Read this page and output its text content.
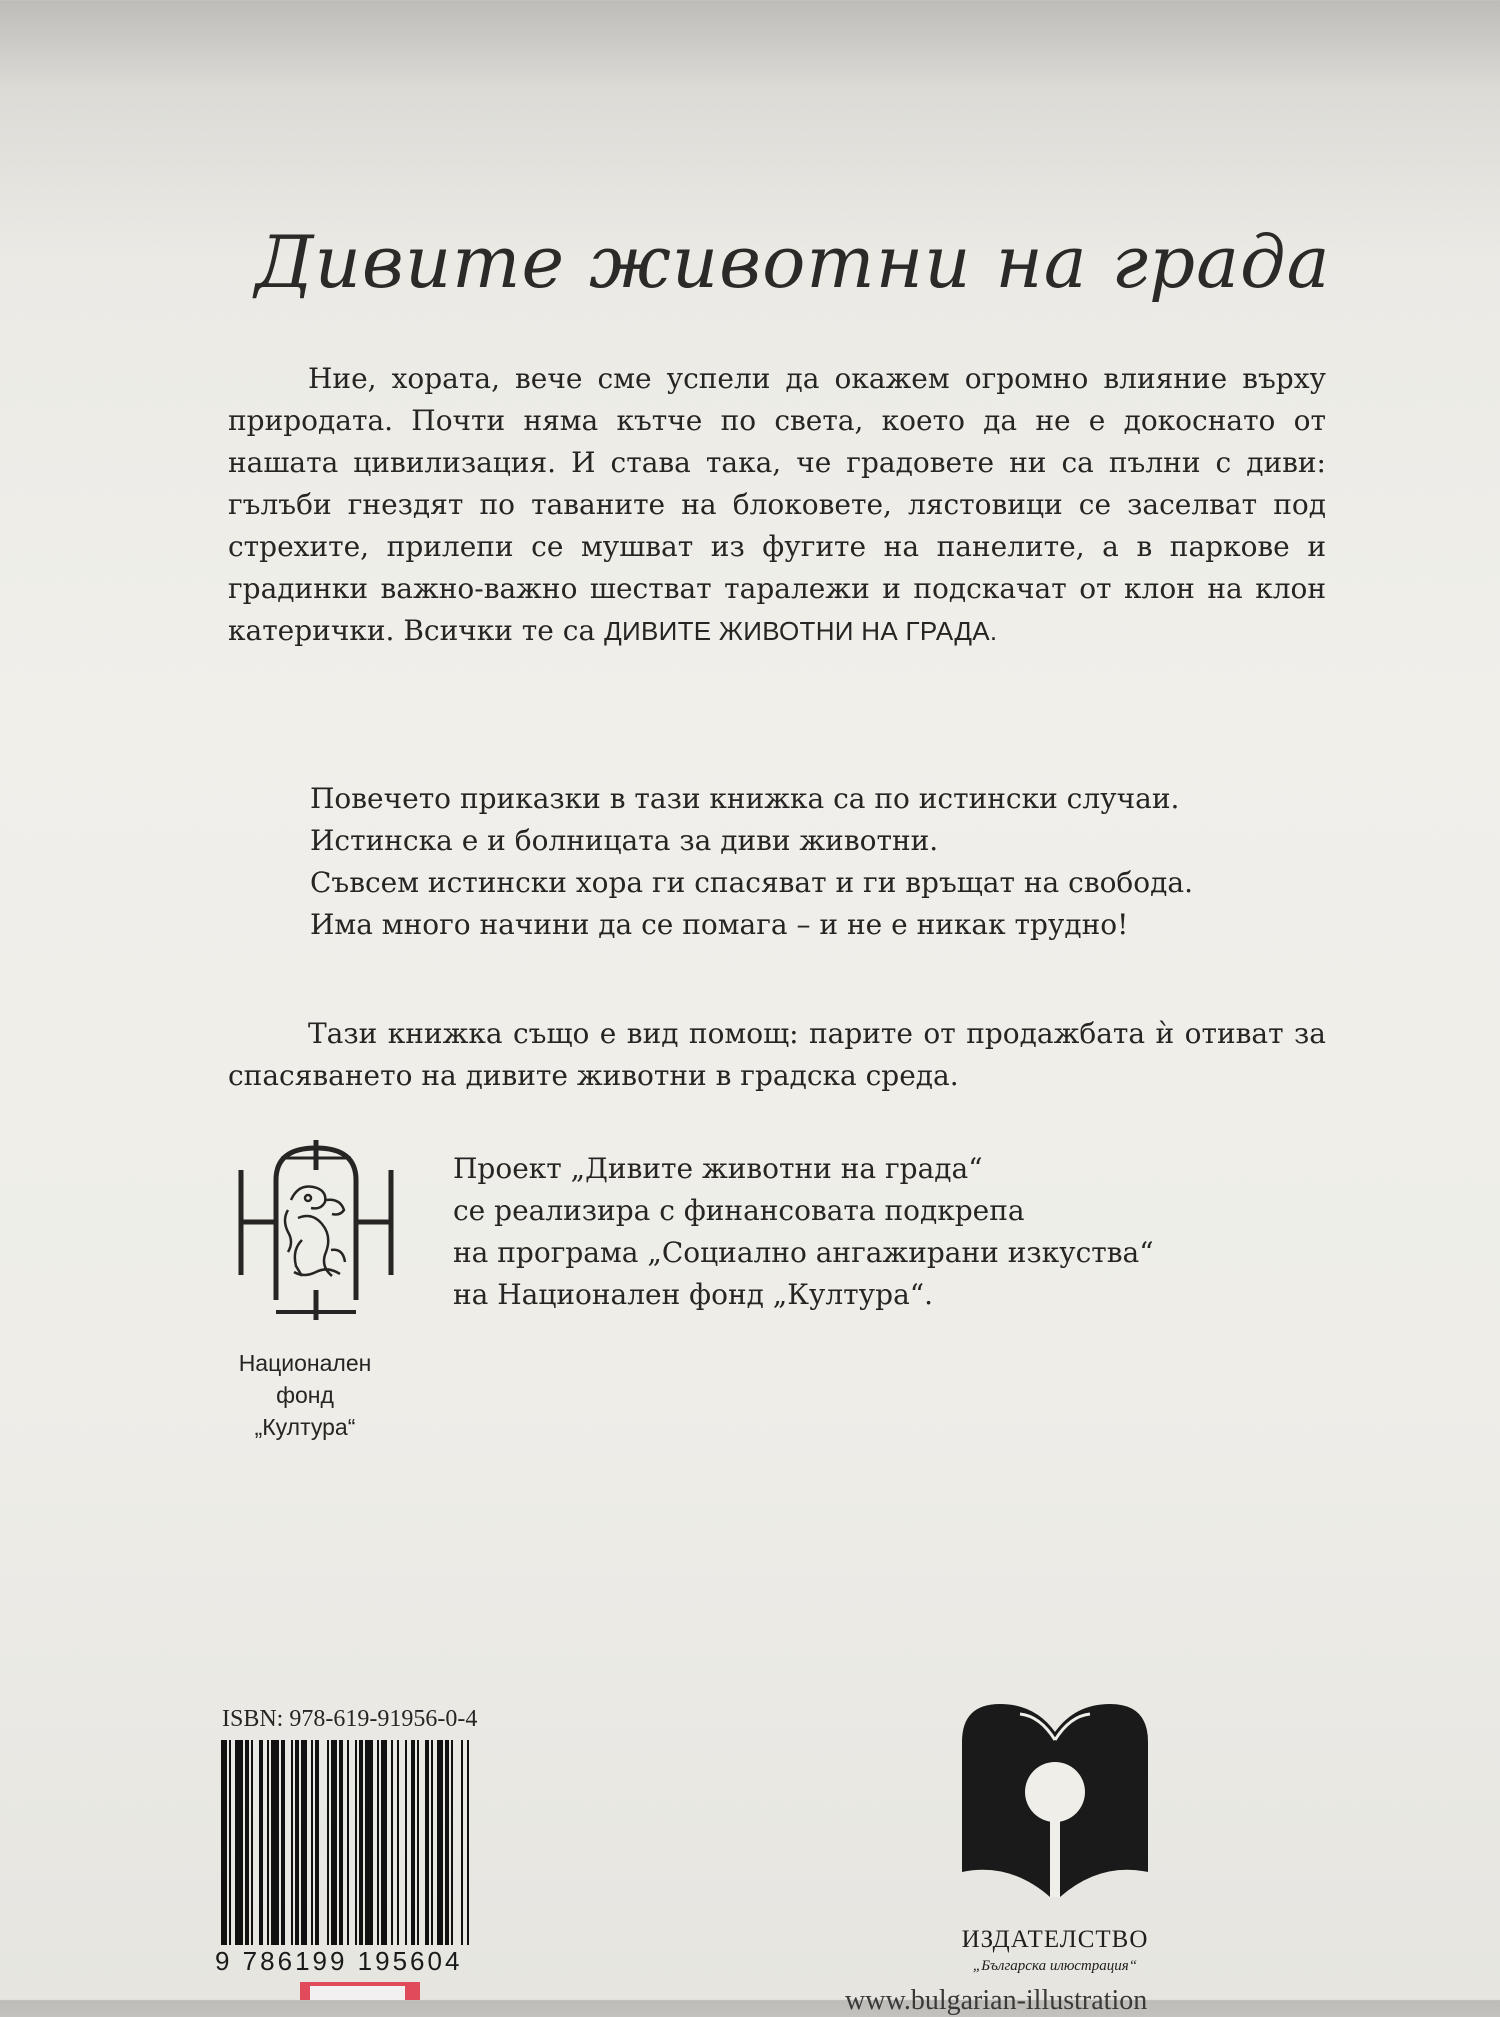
Дивите животни на града

Ние, хората, вече сме успели да окажем огромно влияние върху природата. Почти няма кътче по света, което да не е докоснато от нашата цивилизация. И става така, че градовете ни са пълни с диви: гълъби гнездят по таваните на блоковете, лястовици се заселват под стрехите, прилепи се мушват из фугите на панелите, а в паркове и градинки важно-важно шестват таралежи и подскачат от клон на клон катерички. Всички те са ДИВИТЕ ЖИВОТНИ НА ГРАДА.

Повечето приказки в тази книжка са по истински случаи.
Истинска е и болницата за диви животни.
Съвсем истински хора ги спасяват и ги връщат на свобода.
Има много начини да се помага – и не е никак трудно!

Тази книжка също е вид помощ: парите от продажбата ѝ отиват за спасяването на дивите животни в градска среда.

Национален
фонд
„Култура“
Проект „Дивите животни на града“
се реализира с финансовата подкрепа
на програма „Социално ангажирани изкуства“
на Национален фонд „Култура“.
ISBN: 978-619-91956-0-4
9 786199 195604
ИЗДАТЕЛСТВО
„Българска илюстрация“
www.bulgarian-illustration
